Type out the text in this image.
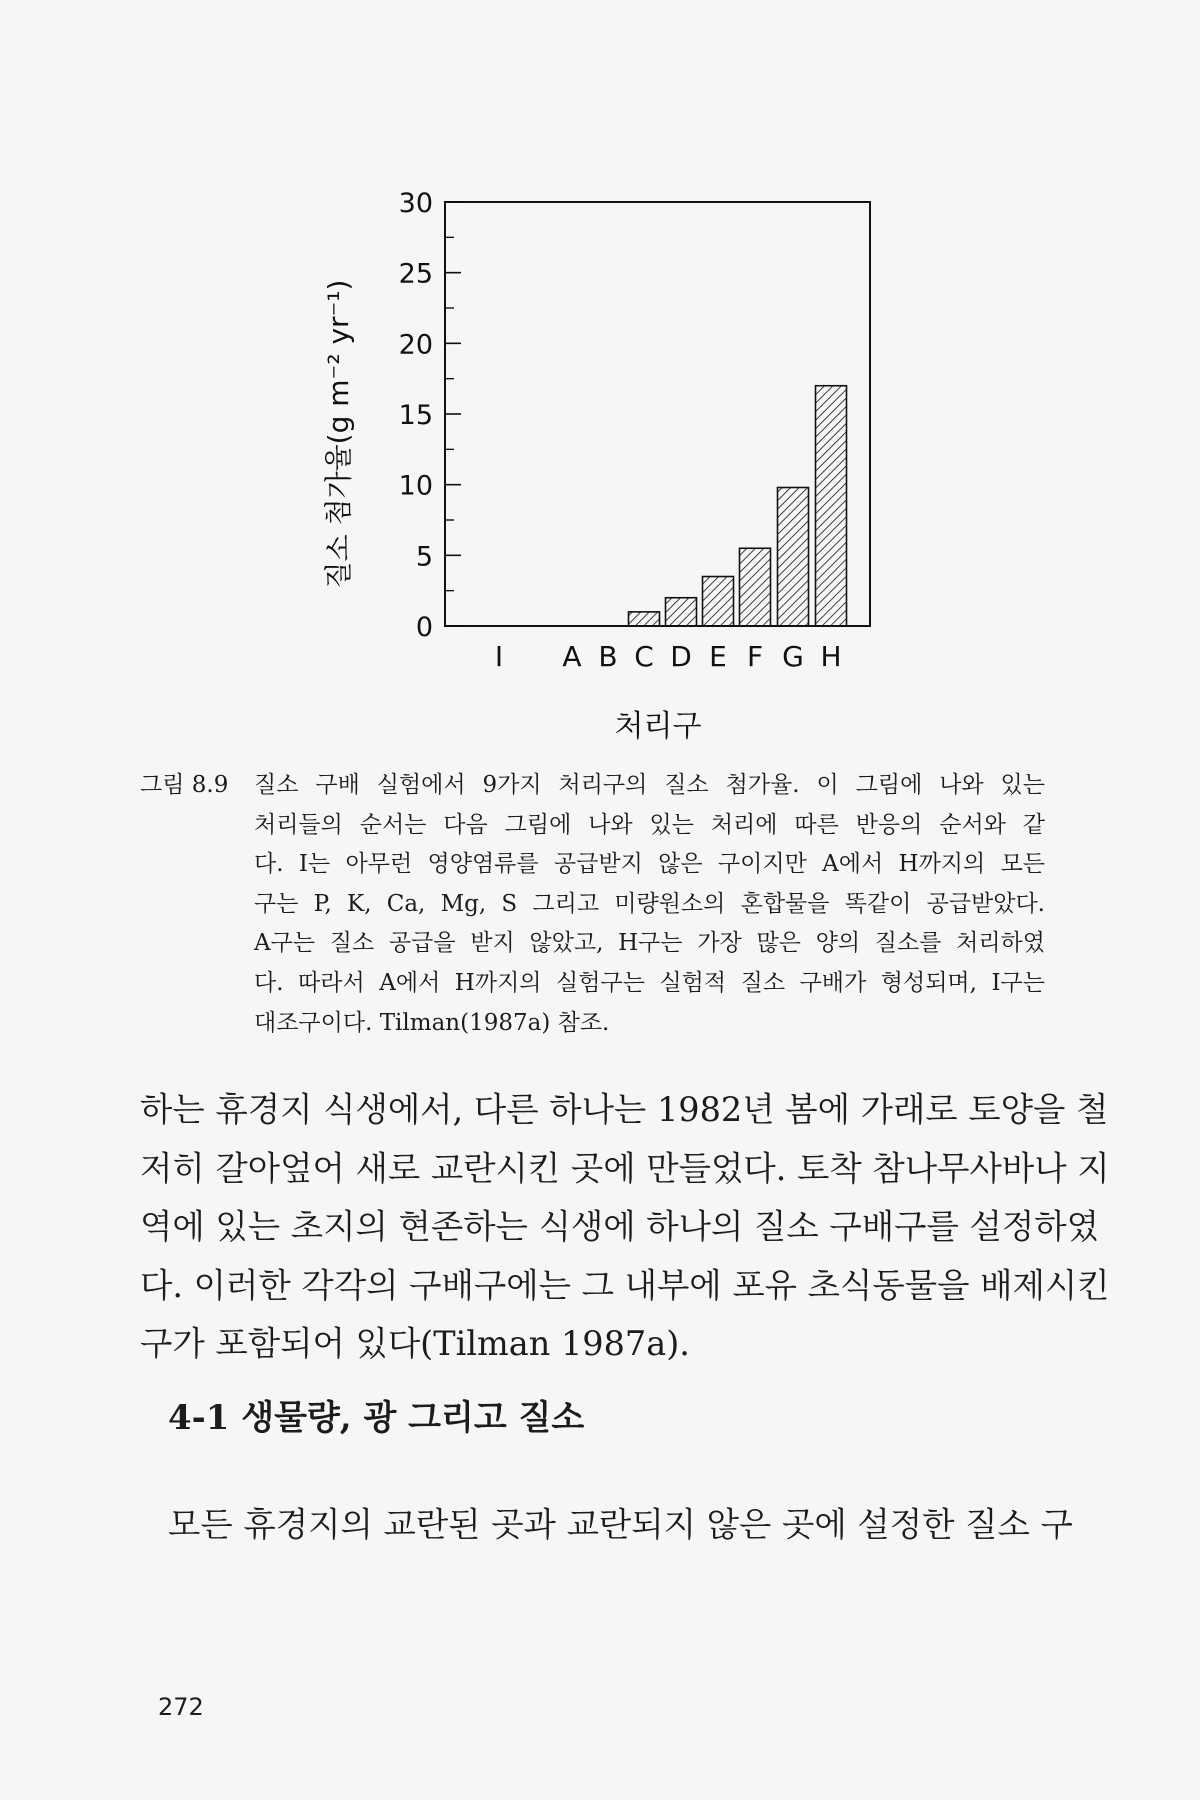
0
5
10
15
20
25
30
I A B C D E F G H
처리구
질소 첨가율(g m⁻² yr⁻¹)
그림 8.9 질소 구배 실험에서 9가지 처리구의 질소 첨가율. 이 그림에 나와 있는
처리들의 순서는 다음 그림에 나와 있는 처리에 따른 반응의 순서와 같
다. I는 아무런 영양염류를 공급받지 않은 구이지만 A에서 H까지의 모든
구는 P, K, Ca, Mg, S 그리고 미량원소의 혼합물을 똑같이 공급받았다.
A구는 질소 공급을 받지 않았고, H구는 가장 많은 양의 질소를 처리하였
다. 따라서 A에서 H까지의 실험구는 실험적 질소 구배가 형성되며, I구는
대조구이다. Tilman(1987a) 참조.
하는 휴경지 식생에서, 다른 하나는 1982년 봄에 가래로 토양을 철
저히 갈아엎어 새로 교란시킨 곳에 만들었다. 토착 참나무사바나 지
역에 있는 초지의 현존하는 식생에 하나의 질소 구배구를 설정하였
다. 이러한 각각의 구배구에는 그 내부에 포유 초식동물을 배제시킨
구가 포함되어 있다(Tilman 1987a).
4-1 생물량, 광 그리고 질소
모든 휴경지의 교란된 곳과 교란되지 않은 곳에 설정한 질소 구
272
